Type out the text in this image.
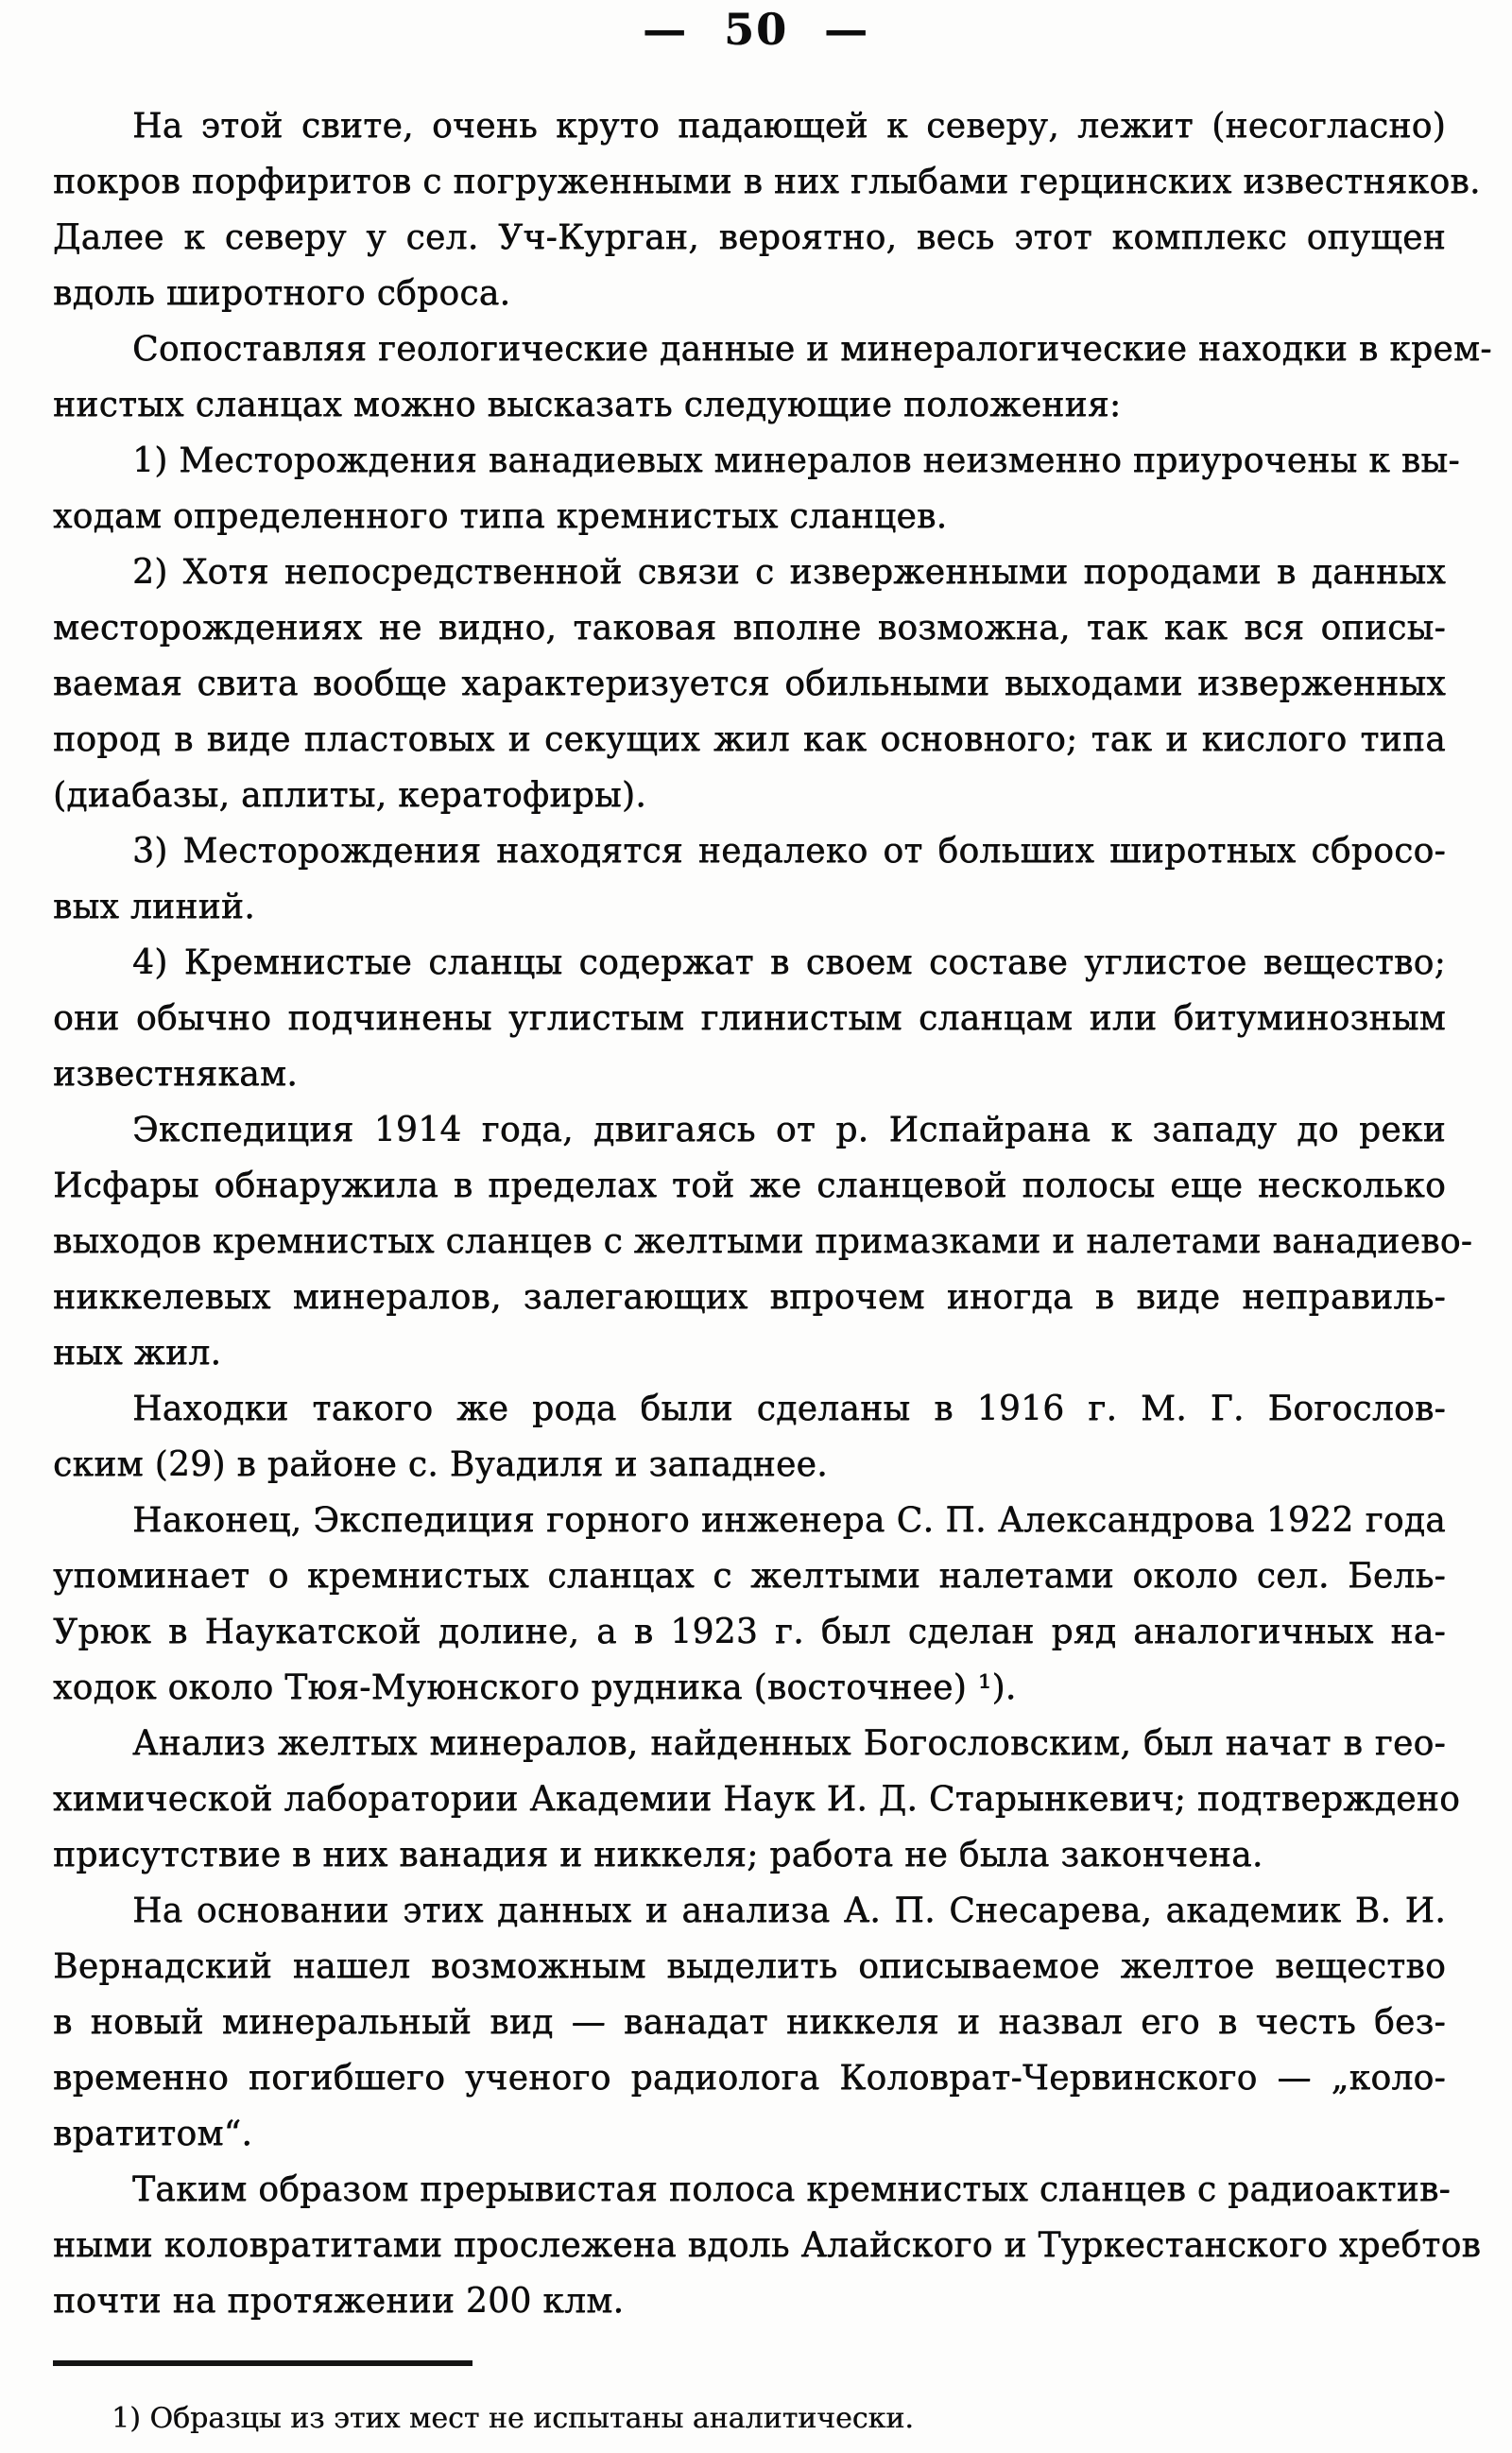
— 50 —
На этой свите, очень круто падающей к северу, лежит (несогласно)
покров порфиритов с погруженными в них глыбами герцинских известняков.
Далее к северу у сел. Уч-Курган, вероятно, весь этот комплекс опущен
вдоль широтного сброса.
Сопоставляя геологические данные и минералогические находки в крем-
нистых сланцах можно высказать следующие положения:
1) Месторождения ванадиевых минералов неизменно приурочены к вы-
ходам определенного типа кремнистых сланцев.
2) Хотя непосредственной связи с изверженными породами в данных
месторождениях не видно, таковая вполне возможна, так как вся описы-
ваемая свита вообще характеризуется обильными выходами изверженных
пород в виде пластовых и секущих жил как основного; так и кислого типа
(диабазы, аплиты, кератофиры).
3) Месторождения находятся недалеко от больших широтных сбросо-
вых линий.
4) Кремнистые сланцы содержат в своем составе углистое вещество;
они обычно подчинены углистым глинистым сланцам или битуминозным
известнякам.
Экспедиция 1914 года, двигаясь от р. Испайрана к западу до реки
Исфары обнаружила в пределах той же сланцевой полосы еще несколько
выходов кремнистых сланцев с желтыми примазками и налетами ванадиево-
никкелевых минералов, залегающих впрочем иногда в виде неправиль-
ных жил.
Находки такого же рода были сделаны в 1916 г. М. Г. Богослов-
ским (29) в районе с. Вуадиля и западнее.
Наконец, Экспедиция горного инженера С. П. Александрова 1922 года
упоминает о кремнистых сланцах с желтыми налетами около сел. Бель-
Урюк в Наукатской долине, а в 1923 г. был сделан ряд аналогичных на-
ходок около Тюя-Муюнского рудника (восточнее) ¹).
Анализ желтых минералов, найденных Богословским, был начат в гео-
химической лаборатории Академии Наук И. Д. Старынкевич; подтверждено
присутствие в них ванадия и никкеля; работа не была закончена.
На основании этих данных и анализа А. П. Снесарева, академик В. И.
Вернадский нашел возможным выделить описываемое желтое вещество
в новый минеральный вид — ванадат никкеля и назвал его в честь без-
временно погибшего ученого радиолога Коловрат-Червинского — „коло-
вратитом“.
Таким образом прерывистая полоса кремнистых сланцев с радиоактив-
ными коловратитами прослежена вдоль Алайского и Туркестанского хребтов
почти на протяжении 200 клм.
1) Образцы из этих мест не испытаны аналитически.
